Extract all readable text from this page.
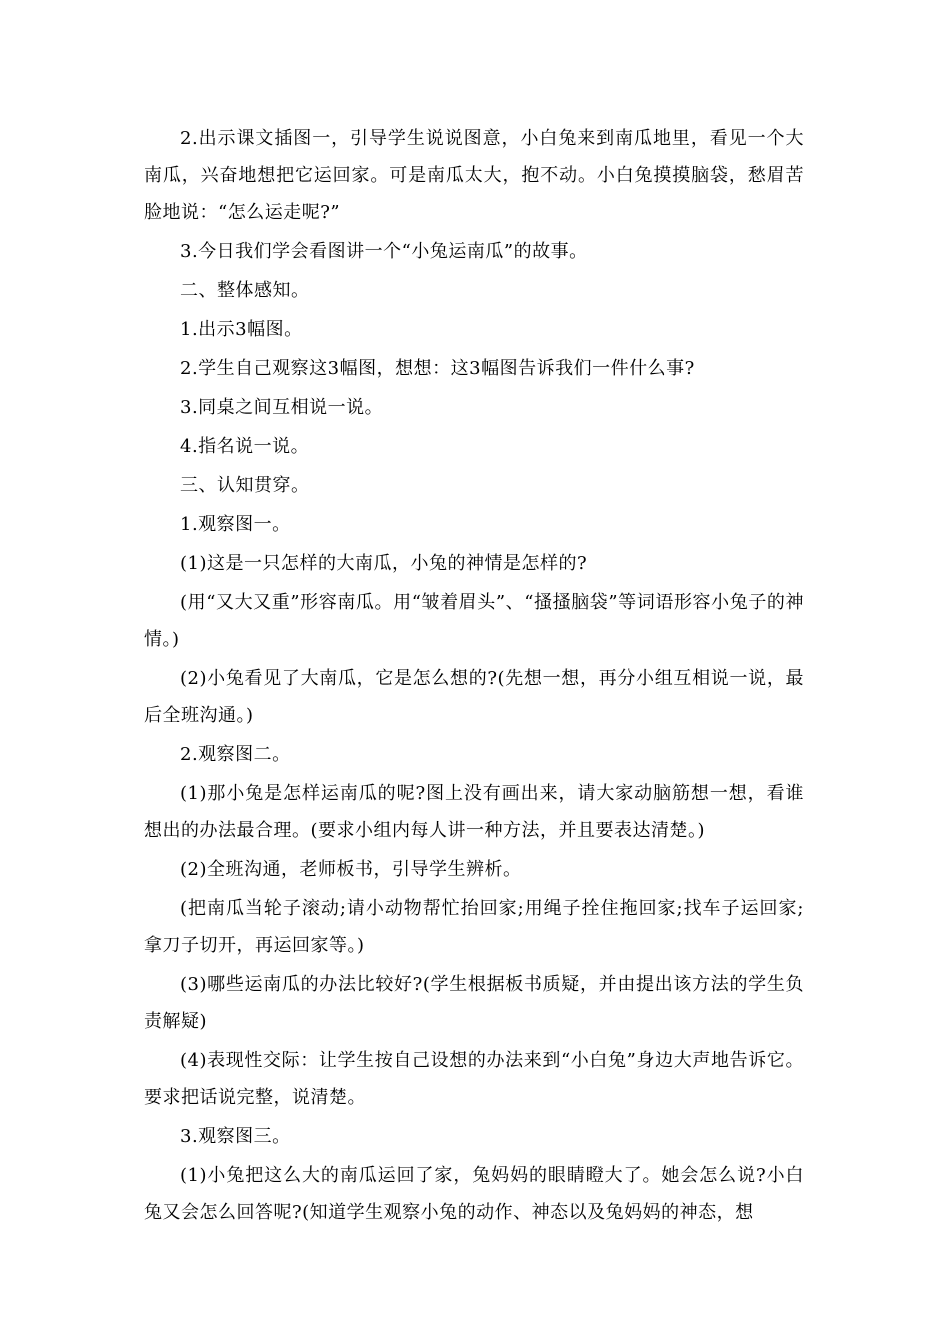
2.出示课文插图一，引导学生说说图意，小白兔来到南瓜地里，看见一个大南瓜，兴奋地想把它运回家。可是南瓜太大，抱不动。小白兔摸摸脑袋，愁眉苦脸地说：“怎么运走呢?”

3.今日我们学会看图讲一个“小兔运南瓜”的故事。

二、整体感知。

1.出示3幅图。

2.学生自己观察这3幅图，想想：这3幅图告诉我们一件什么事?

3.同桌之间互相说一说。

4.指名说一说。

三、认知贯穿。

1.观察图一。

(1)这是一只怎样的大南瓜，小兔的神情是怎样的?

(用“又大又重”形容南瓜。用“皱着眉头”、“搔搔脑袋”等词语形容小兔子的神情。)

(2)小兔看见了大南瓜，它是怎么想的?(先想一想，再分小组互相说一说，最后全班沟通。)

2.观察图二。

(1)那小兔是怎样运南瓜的呢?图上没有画出来，请大家动脑筋想一想，看谁想出的办法最合理。(要求小组内每人讲一种方法，并且要表达清楚。)

(2)全班沟通，老师板书，引导学生辨析。

(把南瓜当轮子滚动;请小动物帮忙抬回家;用绳子拴住拖回家;找车子运回家;拿刀子切开，再运回家等。)

(3)哪些运南瓜的办法比较好?(学生根据板书质疑，并由提出该方法的学生负责解疑)

(4)表现性交际：让学生按自己设想的办法来到“小白兔”身边大声地告诉它。要求把话说完整，说清楚。

3.观察图三。

(1)小兔把这么大的南瓜运回了家，兔妈妈的眼睛瞪大了。她会怎么说?小白兔又会怎么回答呢?(知道学生观察小兔的动作、神态以及兔妈妈的神态，想
